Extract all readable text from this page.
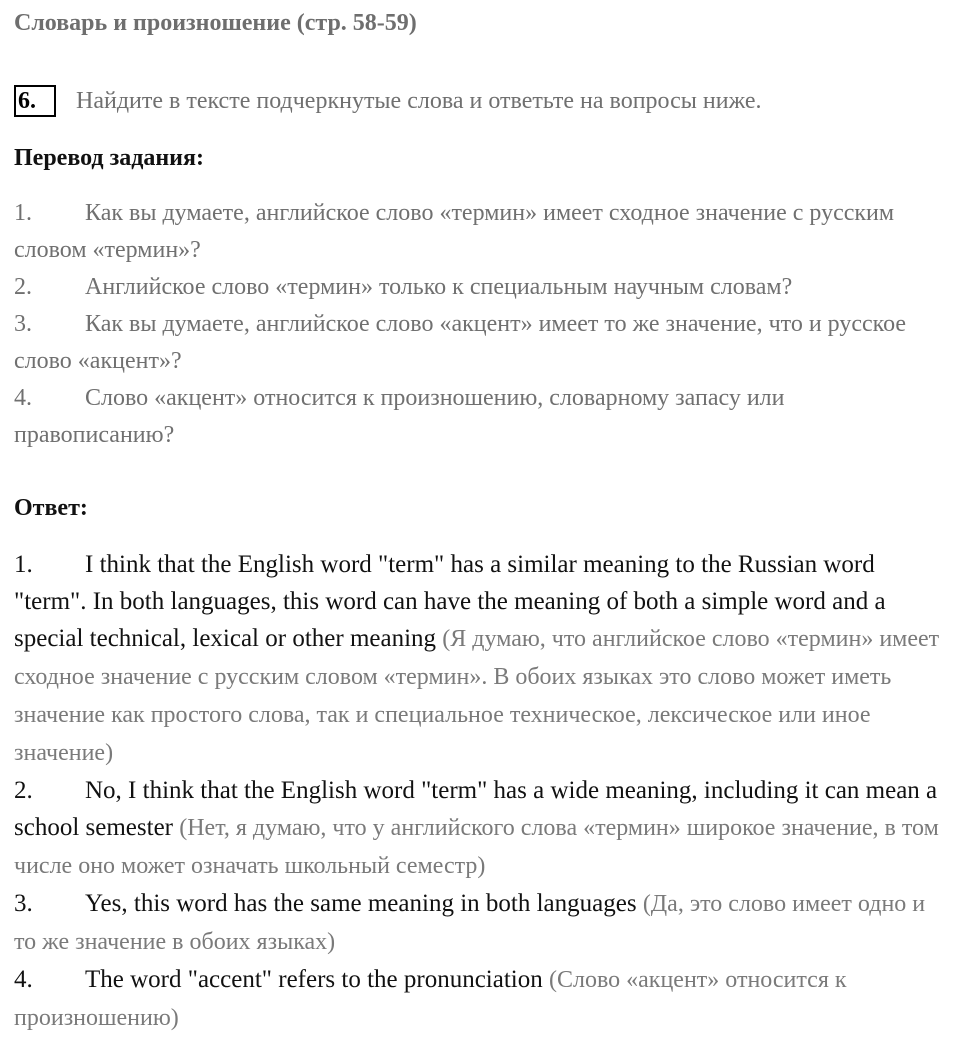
Словарь и произношение (стр. 58-59)
6.	Найдите в тексте подчеркнутые слова и ответьте на вопросы ниже.
Перевод задания:
1. Как вы думаете, английское слово «термин» имеет сходное значение с русским словом «термин»?
2. Английское слово «термин» только к специальным научным словам?
3. Как вы думаете, английское слово «акцент» имеет то же значение, что и русское слово «акцент»?
4. Слово «акцент» относится к произношению, словарному запасу или правописанию?
Ответ:
1. I think that the English word "term" has a similar meaning to the Russian word "term". In both languages, this word can have the meaning of both a simple word and a special technical, lexical or other meaning (Я думаю, что английское слово «термин» имеет сходное значение с русским словом «термин». В обоих языках это слово может иметь значение как простого слова, так и специальное техническое, лексическое или иное значение)
2. No, I think that the English word "term" has a wide meaning, including it can mean a school semester (Нет, я думаю, что у английского слова «термин» широкое значение, в том числе оно может означать школьный семестр)
3. Yes, this word has the same meaning in both languages (Да, это слово имеет одно и то же значение в обоих языках)
4. The word "accent" refers to the pronunciation (Слово «акцент» относится к произношению)
